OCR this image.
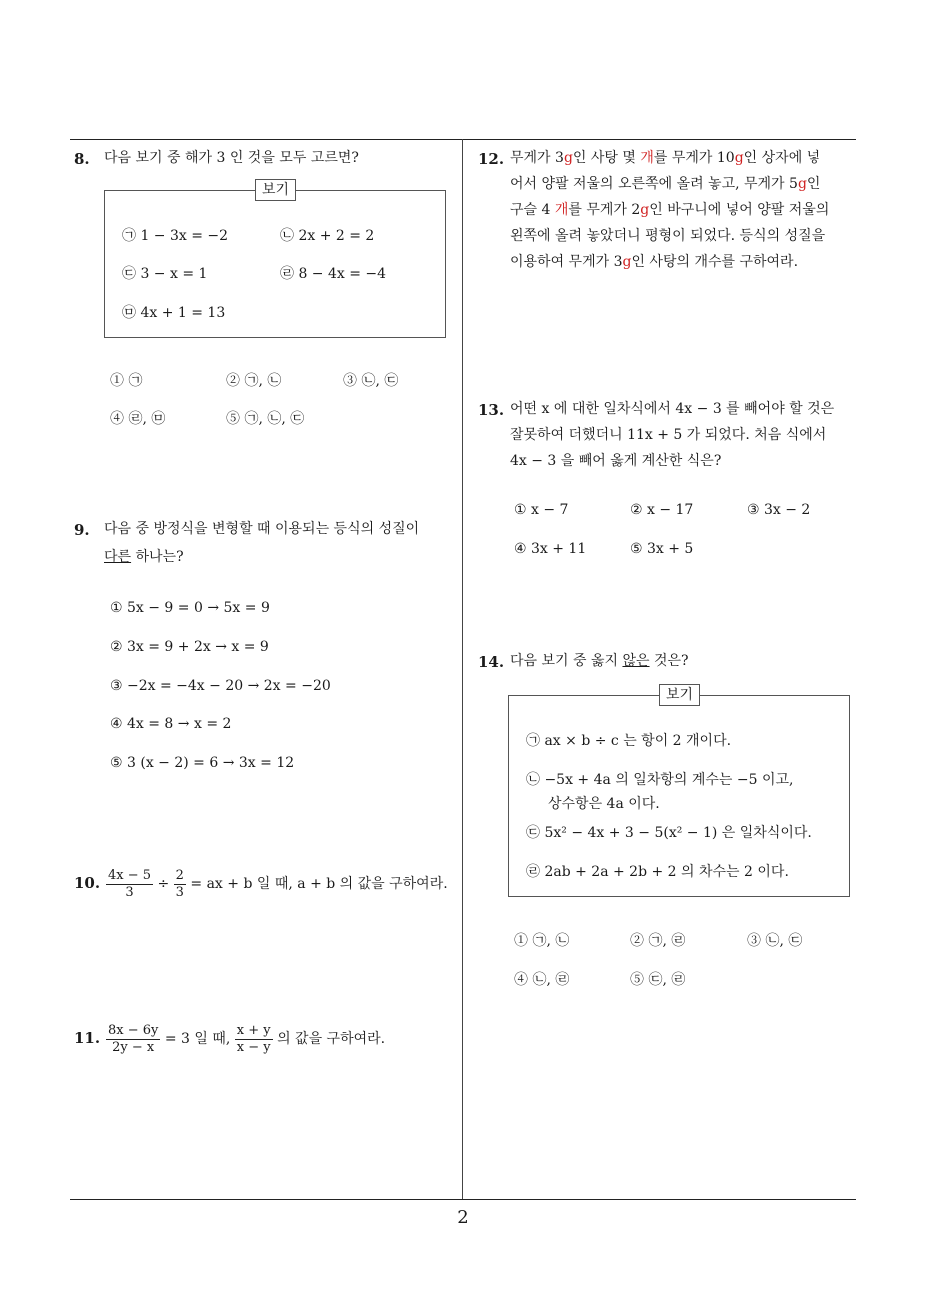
8. 다음 보기 중 해가 3 인 것을 모두 고르면?
보기
㉠ 1 − 3x = −2	㉡ 2x + 2 = 2
㉢ 3 − x = 1	㉣ 8 − 4x = −4
㉤ 4x + 1 = 13
① ㉠	② ㉠, ㉡	③ ㉡, ㉢
④ ㉣, ㉤	⑤ ㉠, ㉡, ㉢
9. 다음 중 방정식을 변형할 때 이용되는 등식의 성질이
다른 하나는?
① 5x − 9 = 0 → 5x = 9
② 3x = 9 + 2x → x = 9
③ −2x = −4x − 20 → 2x = −20
④ 4x = 8 → x = 2
⑤ 3 (x − 2) = 6 → 3x = 12
10. $\frac{4x - 5}{3} \div \frac{2}{3}$ = ax + b 일 때, a + b 의 값을 구하여라.
11. $\frac{8x - 6y}{2y - x} = 3$ 일 때, $\frac{x + y}{x - y}$ 의 값을 구하여라.
12. 무게가 3g인 사탕 몇 개를 무게가 10g인 상자에 넣
어서 양팔 저울의 오른쪽에 올려 놓고, 무게가 5g인
구슬 4 개를 무게가 2g인 바구니에 넣어 양팔 저울의
왼쪽에 올려 놓았더니 평형이 되었다. 등식의 성질을
이용하여 무게가 3g인 사탕의 개수를 구하여라.
13. 어떤 x 에 대한 일차식에서 4x − 3 를 빼어야 할 것은
잘못하여 더했더니 11x + 5 가 되었다. 처음 식에서
4x − 3 을 빼어 옳게 계산한 식은?
① x − 7	② x − 17	③ 3x − 2
④ 3x + 11	⑤ 3x + 5
14. 다음 보기 중 옳지 않은 것은?
보기
㉠ ax × b ÷ c 는 항이 2 개이다.
㉡ −5x + 4a 의 일차항의 계수는 −5 이고,
상수항은 4a 이다.
㉢ 5x² − 4x + 3 − 5(x² − 1) 은 일차식이다.
㉣ 2ab + 2a + 2b + 2 의 차수는 2 이다.
① ㉠, ㉡	② ㉠, ㉣	③ ㉡, ㉢
④ ㉡, ㉣	⑤ ㉢, ㉣
2
